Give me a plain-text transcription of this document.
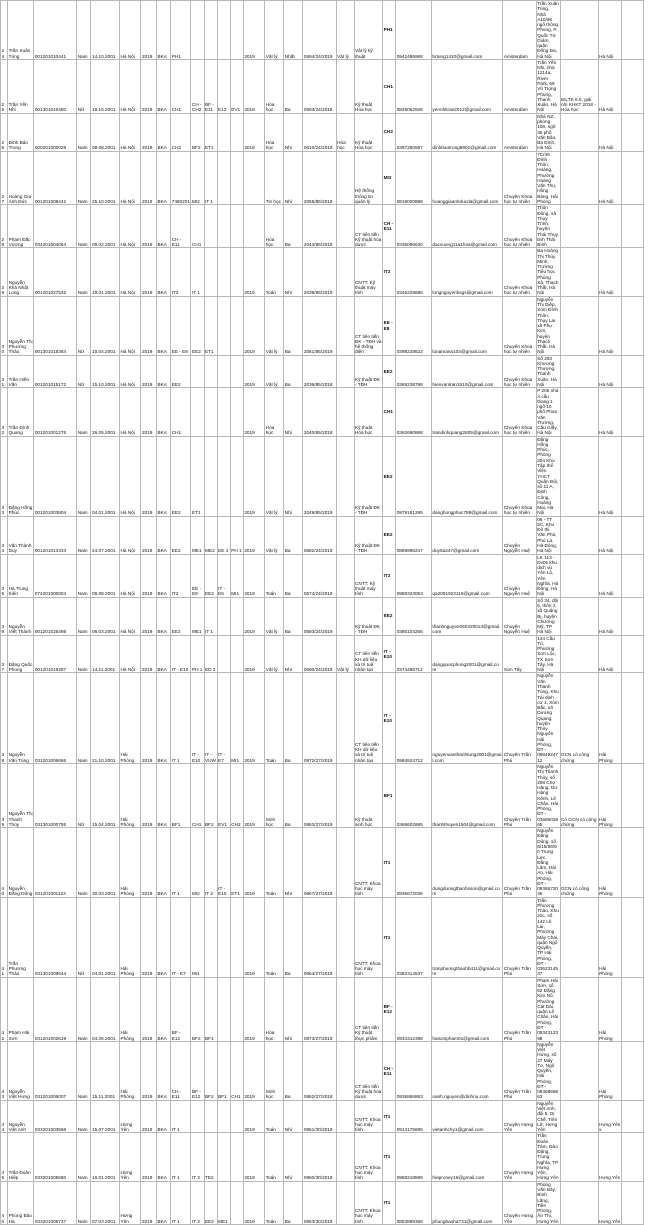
24	Trần Xuân Tùng	001201010441	Nam	14.10.2001	Hà Nội	2019	BKA	PH1					2019	Vật lý	Nhất	0594/24/2019	Vật lý	Vật lý kỹ thuật	PH1	0942486968	brtung1410@gmail.com	Amsterdam	Trần Xuân Tùng, Nhà A10/66 ngõ thông Phong, P. Quốc Tử Giám, quận Đống Đa, Hà Nội		Hà Nội	
25	Trần Yến Nhi	001301016480	Nữ	19.10.2001	Hà Nội	2019	BKA	CH1	CH - CH2	BF - E11	E12	EV1	2018	Hóa học	Ba	0593/24/2018		Kỹ thuật Hóa học	CH1	0829062928	yennhitran2012@gmail.com	Amsterdam	Trần Yến Nhi, nhà 1214a, River Park, 69 Vũ Trọng Phụng, Thanh Xuân, Hà Nội	IELTS 6.0, giải nhì KHKT 2018 - Hóa học	Hà Nội	
26	Đinh Bảo Trọng	000201000029	Nam	08.08.2001	Hà Nội	2019	BKA	CH2	BF2	ET1			2018	Hóa học	Nhì	0610/24/2019	Hóa học	Kỹ thuật Hóa học	CH2	0397260587	dinhbaotrong8801@gmail.com	Amsterdam	Nhà NZ, phòng 108, ngõ 36 phố Văn Bảo, Ba Đình, Hà Nội		Hà Nội	
27	Hoàng Gia Anh Đức	001201008442	Nam	25.10.2001	Hà Nội	2019	BKA	7480201	MI2	IT 1				Tin học	Nhì	2055/85/2018		Hệ thống thông tin quản lý	MI2	0819000888	hoanggiaanhducda@gmail.com	Chuyên Khoa học tự nhiên	7C/45 Đình Thôn, Hoàng, Phường Hoàng Văn Thụ, Hồng Bàng, Hải Phòng		Hà Nội	
28	Phạm Đắc Vượng	034201004064	Nam	09.02.2001	Hà Nội	2019	BKA	CH - E11	CH1					Hóa học	Ba	2043/85/2018		CT tiên tiến Kỹ thuật hóa dược	CH - E11	0335096630	dacvuong11a1hoa@gmail.com	Chuyên Khoa học tự nhiên	Thôn Đông, xã Thụy Trình, huyện Thái Thụy, tỉnh Thái Bình			
29	Nguyễn Khả Nhật Long	001201027532	Nam	19.01.2001	Hà Nội	2019	BKA	IT2	IT 1				2019	Toán	Nhì	2039/85/2019		CNTT: Kỹ thuật máy tính	IT2	0345229685	longnguyenhsgs@gmail.com	Chuyên Khoa học tự nhiên	Ba Hoàng Thị Thùy Minh, Trường Tiểu học Phùng Xá, Thạch Thất, Hà Nội		Hà Nội	
30	Nguyễn Thị Phương Thảo	001301018364	Nữ	10.04.2001	Hà Nội	2019	BKA	EE - E8	EE2	ET1			2019	Vật lý	Ba	2051/85/2019		CT tiên tiến ĐK - TĐH và hệ thống điện	EE - E8	0398228622	lunamana104@gmail.com	Chuyên Khoa học tự nhiên	Nguyễn Thị Diệp, Xóm Đình Thôn, Thụy Lai xã Phụ Kim, huyện Thạch Thất, Hà Nội		Hà Nội	
31	Trần Hiền Văn	001201015172	Nữ	15.10.2001	Hà Nội	2019	BKA	EE2					2019	Vật lý	Ba	2036/85/2018		Kỹ thuật ĐK - TĐH	EE2	0369238798	hienvantran1510@gmail.com	Chuyên Khoa học tự nhiên	Số 283 Khương Thượng, Thanh Xuân, Hà Nội		Hà Nội	
32	Trần Đình Quang	001201001275	Nam	26.05.2001	Hà Nội	2019	BKA	CH1					2019	Hóa học	Nhì	2040/85/2018		Kỹ thuật Hóa học	CH1	0362690868	trandinhquang2605@gmail.com	Chuyên Khoa học tự nhiên	P 205 nhà A cầu thang 1 ngõ 10 phố Phan Văn Trường, Cầu Giấy, Hà Nội		Hà Nội	
33	Đặng Hồng Phúc	001201003804	Nam	04.01.2001	Hà Nội	2019	BKA	EE2	ET1				2019	Vật lý	Nhì	2049/85/2019		Kỹ thuật ĐK - TĐH	EE2	0979181299	danghongphuc789@gmail.com	Chuyên Khoa học tự nhiên	Đặng Hồng Phúc, Phòng 204 Khu Tập thể Viện YHCT Quân Đội, số 11 A, Định Công, Hoàng Mai, Hà Nội		Hà Nội	
34	Văn Thành Duy	001201013333	Nam	24.07.2001	Hà Nội	2019	BKA	EE2	ME1	ME2	EE 1	PH 1	2019	Vật lý	Ba	0582/24/2019		Kỹ thuật ĐK - TĐH	EE2	0889996247	duy5a247@gmail.com	Chuyên Nguyễn Huệ	06 - TT 5C, Khu Đô thị Văn Phú, Phú La, Hà Đông, Hà Nội		Hà Nội	
35	Hà Trung Kiên	074201000004	Nam	09.08.2001	Hà Nội	2019	BKA	IT2	EE - E8	EE2	IT - E6	MI1	2019	Toán	Ba	0574/24/2019		CNTT: Kỹ thuật máy tính	IT2	0988323063	qa2091923110@gmail.com	Chuyên Nguyễn Huệ	LK 113 - Dv05 khu dịch vụ Yên Lộ, Yên Nghĩa, Hà Đông, Hà Nội		Hà Nội	
36	Nguyễn Viết Thành	001201025498	Nam	06.03.2001	Hà Nội	2019	BKA	EE2	ME1	IT 1			2019	Vật lý	Ba	0593/24/2019		Kỹ thuật ĐK - TĐH	EE2	0386104255	thanhnguyen060320013@gmail.com	Chuyên Nguyễn Huệ	Số 34, đội 6, thôn 2, xã Quảng Bị, huyện Chương Mỹ, TP Hà Nội		Hà Nội	
37	Đặng Quốc Phong	001201019287	Nam	14.11.2001	Hà Nội	2019	BKA	IT - E10	PH 1	ED 2			2019	Vật lý	Nhì	0590/24/2019	Vật lý	CT tiên tiến KH dữ liệu và trí tuệ nhân tạo	IT - E10	0374485712	dangquocphong2001@gmail.com	Sơn Tây	144 Cầu Trì, Phường Sơn Lộc, TX Sơn Tây, Hà Nội		Hà Nội	
38	Nguyễn Văn Tùng	031201006686	Nam	21.10.2001	Hải Phòng	2019	BKA	IT 1	IT - E10	IT - VUW	IT - E7	MI1	2019	Toán	Ba	0872/27/2019		CT tiên tiến KH dữ liệu và trí tuệ nhân tạo	IT - E10	0984924712	nguyenvanthanhtung2001@gmail.com	Chuyên Trần Phú	Nguyễn Văn Thanh Tùng, Khu Tái định cư 1, Xóm Bắc, xã Dương Quang, huyện Thủy Nguyên Hải Phòng, ĐT - 0984924712	GCN có công chứng	Hải Phòng	
39	Nguyễn Thị Thanh Thủy	031301000755	Nữ	15.04.2001	Hải Phòng	2019	BKA	BF1	CH1	BF2	EV1	CH2	2019	Sinh học	Ba	0863/27/2019		Kỹ thuật sinh học	BF1	0368602865	thanhthuyen1504@gmail.com	Chuyên Trần Phú	Nguyễn Thị Thanh Thủy, số 208 Chợ Hàng, Dư Hàng Kênh, Lê Chân, Hải Phòng, ĐT - 0368602865	Có GCN có công chứng	Hải Phòng	
40	Nguyễn Đăng Dũng	031201001123	Nam	30.03.2001	Hải Phòng	2019	BKA	IT 1	MI2	IT 2	IT - E10	ET1	2019	Toán	Nhì	0867/27/2019		CNTT: Khoa học máy tính	IT1	0936672036	dungduongthanhsson@gmail.com	Chuyên Trần Phú	Nguyễn Đăng Dũng, số 8/15/56/90 Trung Lực, Đằng Lâm, Hải An, Hải Phòng, ĐT - 0936672036	GCN có công chứng	Hải Phòng	
41	Trần Phương Thảo	031301008644	Nữ	04.01.2001	Hải Phòng	2019	BKA	IT - E7	MI1				2019	Toán	Ba	0864/27/2019		CNTT: Khoa học máy tính	IT1	0362314537	tranphuongthaohb411@gmail.com	Chuyên Trần Phú	Trần Phương Thảo, Khu 22c, số 142 Lê Lai, Phường Máy Chai, quận Ngô Quyền, TP Hải Phòng, ĐT - 0362314537		Hải Phòng	
42	Phạm Hải Sơn	031201002619	Nam	04.06.2001	Hải Phòng	2019	BKA	BF - E12	BF2	BF1			2019	Hóa học	Nhì	0873/27/2019		CT tiên tiến Kỹ thuật thực phẩm	BF - E12	0934312398	haisonpham01@gmail.com	Chuyên Trần Phú	Phạm Hải Sơn, số 52 Đằng Kim Nổ, Phường Cát Dài, quận Lê Chân, Hải Phòng, ĐT - 0934312398		Hải Phòng	
43	Nguyễn Việt Hưng	031201006007	Nam	15.11.2001	Hải Phòng	2019	BKA	CH - E11	BF - E12	BF2	BF1	CH1	2019	Sinh học	Ba	0862/27/2018		CT tiên tiến Kỹ thuật hóa dược	CH - E11	0936866863	oanh.nguyen@dinhnu.com	Chuyên Trần Phú	Nguyễn Việt Hưng, số 27 Máy Tơ, Ngô Quyền, Hải Phòng, ĐT - 0936866863		Hải Phòng	
44	Nguyễn Việt Anh	033201003668	Nam	15.07.2001	Hưng Yên	2019	BKA	IT 1					2019	Toán	Nhì	0951/30/2019		CNTT: Khoa học máy tính	IT1	0914175695	vietanhchy1@gmail.com	Chuyên Hưng Yên	Nguyễn Việt Anh, đội 5, Dị Chế, Tiên Lữ, Hưng Yên		Hưng Yên x	
45	Trần Đoàn Hiệp	033201005680	Nam	16.01.2001	Hưng Yên	2019	BKA	IT 1	IT 2	TE2			2019	Toán	Nhì	0960/30/2018		CNTT: Khoa học máy tính	IT1	0968218599	hieproney16@gmail.com	Chuyên Hưng Yên	Trần Đoàn Tâm, Đào Đặng, Trung Nghĩa, TP Hưng Yên, Hưng Yên		Hưng Yên	
46	Phùng Bảo Hà	033201005737	Nam	07.03.2001	Hưng Yên	2019	BKA	IT 1	IT 2	EE2	ME1		2019	Toán	Ba	0953/30/2019		CNTT: Khoa học máy tính	IT1	0853888369	phungbaoha731@gmail.com	Chuyên Hưng Yên	Phùng Văn Bảy, Bình Lăng, Tiền Phong, Ân Thi, Hưng Yên		Hưng Yên	
